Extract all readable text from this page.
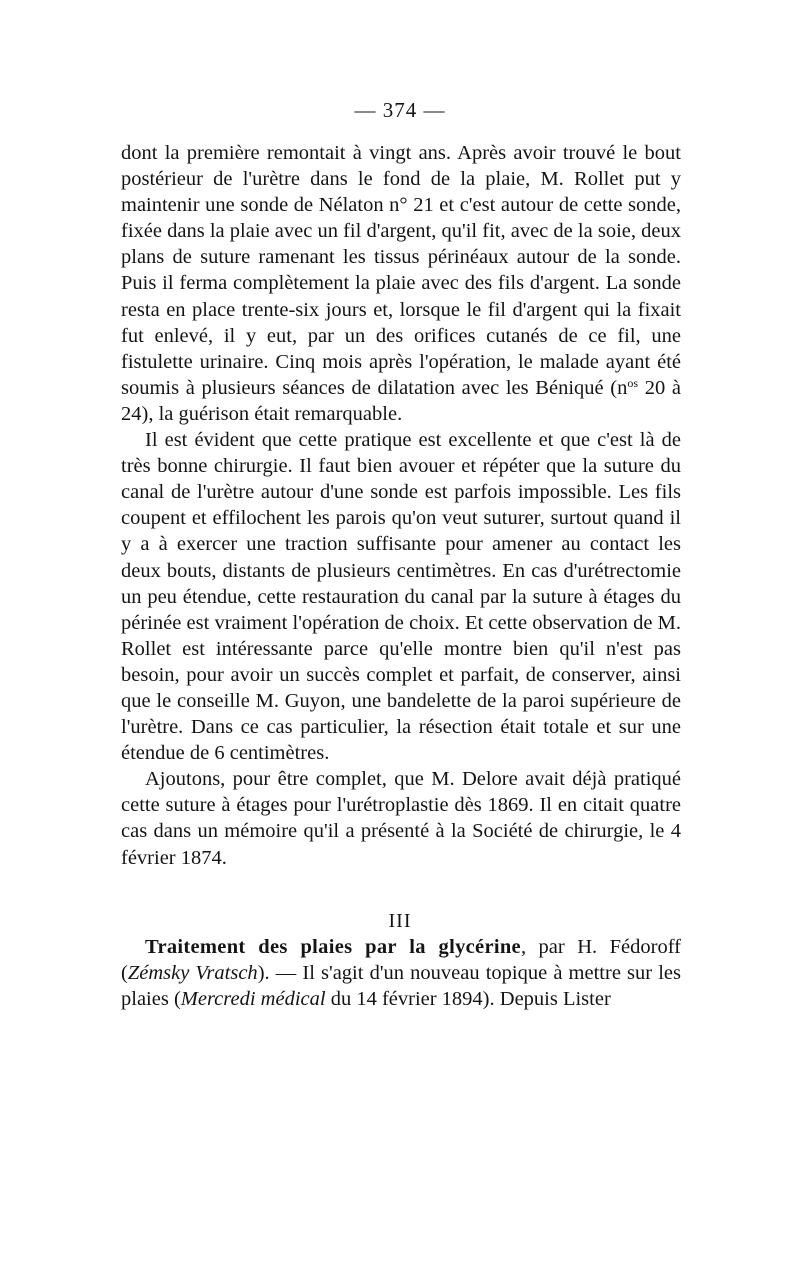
— 374 —

dont la première remontait à vingt ans. Après avoir trouvé le bout postérieur de l'urètre dans le fond de la plaie, M. Rollet put y maintenir une sonde de Nélaton n° 21 et c'est autour de cette sonde, fixée dans la plaie avec un fil d'argent, qu'il fit, avec de la soie, deux plans de suture ramenant les tissus périnéaux autour de la sonde. Puis il ferma complètement la plaie avec des fils d'argent. La sonde resta en place trente-six jours et, lorsque le fil d'argent qui la fixait fut enlevé, il y eut, par un des orifices cutanés de ce fil, une fistulette urinaire. Cinq mois après l'opération, le malade ayant été soumis à plusieurs séances de dilatation avec les Béniqué ($n^{os}$ 20 à 24), la guérison était remarquable.

Il est évident que cette pratique est excellente et que c'est là de très bonne chirurgie. Il faut bien avouer et répéter que la suture du canal de l'urètre autour d'une sonde est parfois impossible. Les fils coupent et effilochent les parois qu'on veut suturer, surtout quand il y a à exercer une traction suffisante pour amener au contact les deux bouts, distants de plusieurs centimètres. En cas d'urétrectomie un peu étendue, cette restauration du canal par la suture à étages du périnée est vraiment l'opération de choix. Et cette observation de M. Rollet est intéressante parce qu'elle montre bien qu'il n'est pas besoin, pour avoir un succès complet et parfait, de conserver, ainsi que le conseille M. Guyon, une bandelette de la paroi supérieure de l'urètre. Dans ce cas particulier, la résection était totale et sur une étendue de 6 centimètres.

Ajoutons, pour être complet, que M. Delore avait déjà pratiqué cette suture à étages pour l'urétroplastie dès 1869. Il en citait quatre cas dans un mémoire qu'il a présenté à la Société de chirurgie, le 4 février 1874.

III

Traitement des plaies par la glycérine, par H. Fédoroff (Zémsky Vratsch). — Il s'agit d'un nouveau topique à mettre sur les plaies (Mercredi médical du 14 février 1894). Depuis Lister
